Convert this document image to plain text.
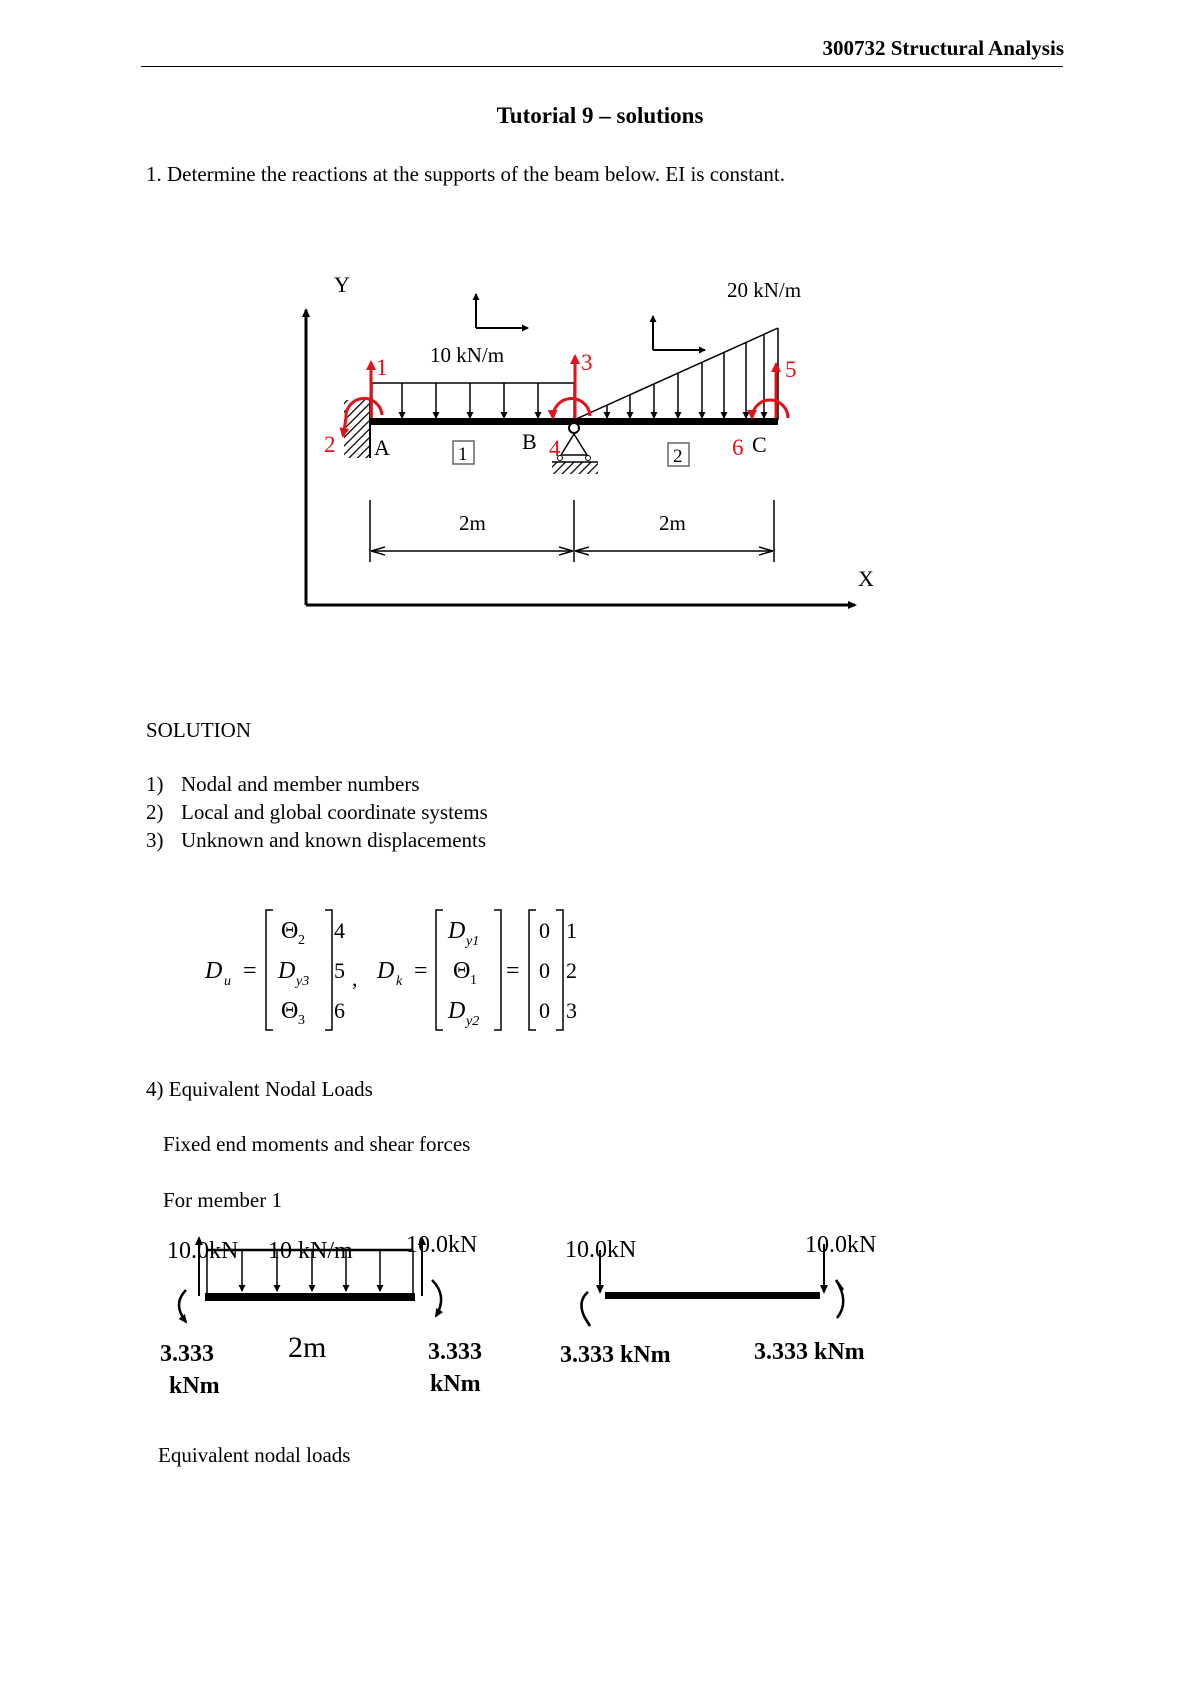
300732 Structural Analysis
Tutorial 9 – solutions
1. Determine the reactions at the supports of the beam below. EI is constant.
Y
X
10 kN/m
20 kN/m
A	B	C
1	2
1
2
3
4
5
6
2m	2m
SOLUTION
1) Nodal and member numbers
2) Local and global coordinate systems
3) Unknown and known displacements
D u =
Θ 2
D y3
Θ 3
4
5
6
, D k =
D y1
Θ 1
D y2
=
0
0
0
1
2
3
4) Equivalent Nodal Loads
Fixed end moments and shear forces
For member 1
10.0kN 10 kN/m 10.0kN
3.333
kNm
3.333
kNm
2m
10.0kN	10.0kN
3.333 kNm	3.333 kNm
Equivalent nodal loads
